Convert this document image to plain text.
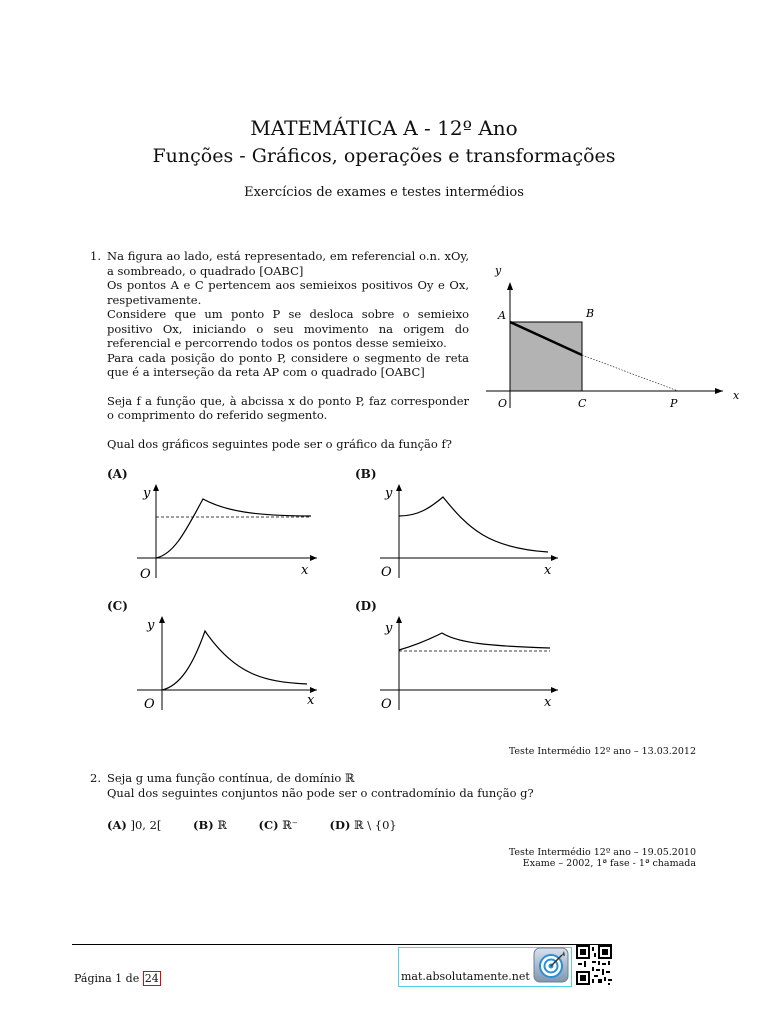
MATEMÁTICA A - 12º Ano
Funções - Gráficos, operações e transformações
Exercícios de exames e testes intermédios
1. Na figura ao lado, está representado, em referencial o.n. xOy, a sombreado, o quadrado [OABC]

Os pontos A e C pertencem aos semieixos positivos Oy e Ox, respetivamente.

Considere que um ponto P se desloca sobre o semieixo positivo Ox, iniciando o seu movimento na origem do referencial e percorrendo todos os pontos desse semieixo.

Para cada posição do ponto P, considere o segmento de reta que é a interseção da reta AP com o quadrado [OABC]

Seja f a função que, à abcissa x do ponto P, faz corresponder o comprimento do referido segmento.

Qual dos gráficos seguintes pode ser o gráfico da função f?

y
x
A	B
O	C	P
(A)	(B)
(C)	(D)
y
x
O
y
x
O
y
x
O
y
x
O
Teste Intermédio 12º ano – 13.03.2012
2. Seja g uma função contínua, de domínio ℝ

Qual dos seguintes conjuntos não pode ser o contradomínio da função g?

(A) ]0, 2[	(B) ℝ	(C) ℝ⁻	(D) ℝ \ {0}
Teste Intermédio 12º ano – 19.05.2010
Exame – 2002, 1ª fase - 1ª chamada
Página 1 de 24	mat.absolutamente.net
